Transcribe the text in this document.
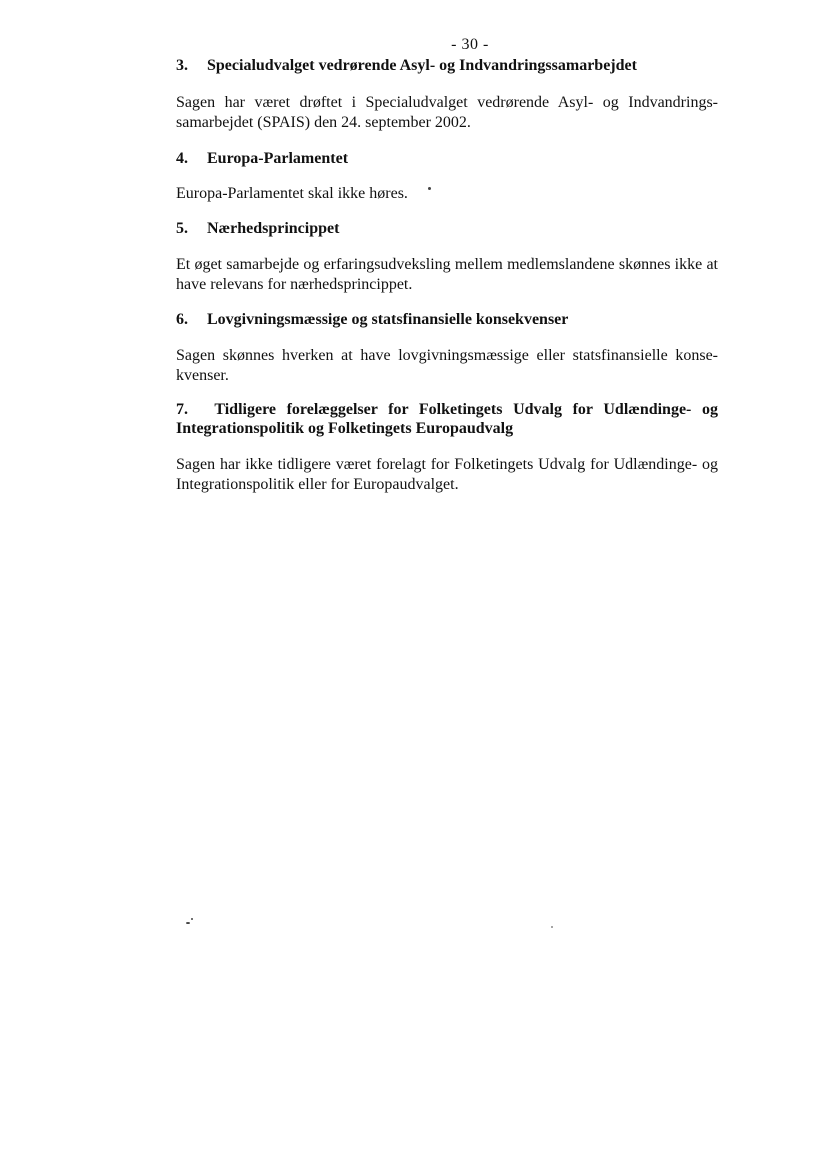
- 30 -
3.	Specialudvalget vedrørende Asyl- og Indvandringssamarbejdet

Sagen har været drøftet i Specialudvalget vedrørende Asyl- og Indvandrings-samarbejdet (SPAIS) den 24. september 2002.

4.	Europa-Parlamentet

Europa-Parlamentet skal ikke høres.

5.	Nærhedsprincippet

Et øget samarbejde og erfaringsudveksling mellem medlemslandene skønnes ikke at have relevans for nærhedsprincippet.

6.	Lovgivningsmæssige og statsfinansielle konsekvenser

Sagen skønnes hverken at have lovgivningsmæssige eller statsfinansielle konse-kvenser.

7. Tidligere forelæggelser for Folketingets Udvalg for Udlændinge- og Integrationspolitik og Folketingets Europaudvalg

Sagen har ikke tidligere været forelagt for Folketingets Udvalg for Udlændinge- og Integrationspolitik eller for Europaudvalget.
